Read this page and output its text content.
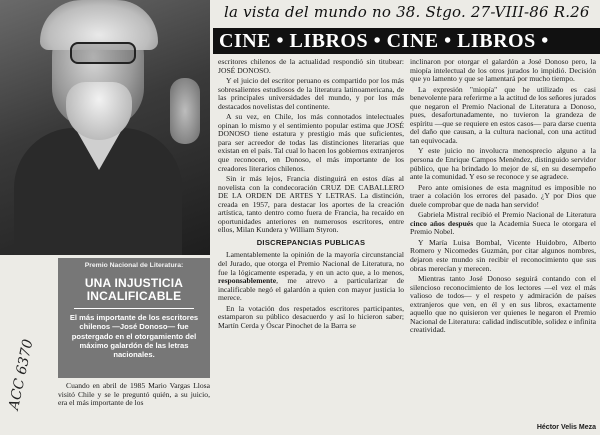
la vista del mundo no 38. Stgo. 27-VIII-86 R.26
CINE • LIBROS • CINE • LIBROS •
Premio Nacional de Literatura:
UNA INJUSTICIA INCALIFICABLE
El más importante de los escritores chilenos —José Donoso— fue postergado en el otorgamiento del máximo galardón de las letras nacionales.

Cuando en abril de 1985 Mario Vargas Llosa visitó Chile y se le preguntó quién, a su juicio, era el más importante de los

escritores chilenos de la actualidad respondió sin titubear: JOSÉ DONOSO.

Y el juicio del escritor peruano es compartido por los más sobresalientes estudiosos de la literatura latinoamericana, de las principales universidades del mundo, y por los más destacados novelistas del continente.

A su vez, en Chile, los más connotados intelectuales opinan lo mismo y el sentimiento popular estima que JOSÉ DONOSO tiene estatura y prestigio más que suficientes, para ser acreedor de todas las distinciones literarias que existan en el país. Tal cual lo hacen los gobiernos extranjeros que reconocen, en Donoso, el más importante de los creadores literarios chilenos.

Sin ir más lejos, Francia distinguirá en estos días al novelista con la condecoración CRUZ DE CABALLERO DE LA ORDEN DE ARTES Y LETRAS. La distinción, creada en 1957, para destacar los aportes de la creación artística, tanto dentro como fuera de Francia, ha recaído en oportunidades anteriores en numerosos escritores, entre ellos, Milan Kundera y William Styron.

DISCREPANCIAS PUBLICAS

Lamentablemente la opinión de la mayoría circunstancial del Jurado, que otorga el Premio Nacional de Literatura, no fue la lógicamente esperada, y en un acto que, a lo menos, responsablemente, me atrevo a particularizar de incalificable negó el galardón a quien con mayor justicia lo merece.

En la votación dos respetados escritores participantes, estamparon su público desacuerdo y así lo hicieron saber; Martín Cerda y Óscar Pinochet de la Barra se

inclinaron por otorgar el galardón a José Donoso pero, la miopía intelectual de los otros jurados lo impidió. Decisión que yo lamento y que se lamentará por mucho tiempo.

La expresión "miopía" que he utilizado es casi benevolente para referirme a la actitud de los señores jurados que negaron el Premio Nacional de Literatura a Donoso, pues, desafortunadamente, no tuvieron la grandeza de espíritu —que se requiere en estos casos— para darse cuenta del daño que causan, a la cultura nacional, con una actitud tan equivocada.

Y este juicio no involucra menosprecio alguno a la persona de Enrique Campos Menéndez, distinguido servidor público, que ha brindado lo mejor de sí, en su desempeño ante la comunidad. Y eso se reconoce y se agradece.

Pero ante omisiones de esta magnitud es imposible no traer a colación los errores del pasado. ¿Y por Dios que duele comprobar que de nada han servido!

Gabriela Mistral recibió el Premio Nacional de Literatura cinco años después que la Academia Sueca le otorgara el Premio Nobel.

Y María Luisa Bombal, Vicente Huidobro, Alberto Romero y Nicomedes Guzmán, por citar algunos nombres, dejaron este mundo sin recibir el reconocimiento que sus obras merecían y merecen.

Mientras tanto José Donoso seguirá contando con el silencioso reconocimiento de los lectores —el vez el más valioso de todos— y el respeto y admiración de países extranjeros que ven, en él y en sus libros, exactamente aquello que no quisieron ver quienes le negaron el Premio Nacional de Literatura: calidad indiscutible, solidez e infinita creatividad.

Héctor Velis Meza
ACC 6370
